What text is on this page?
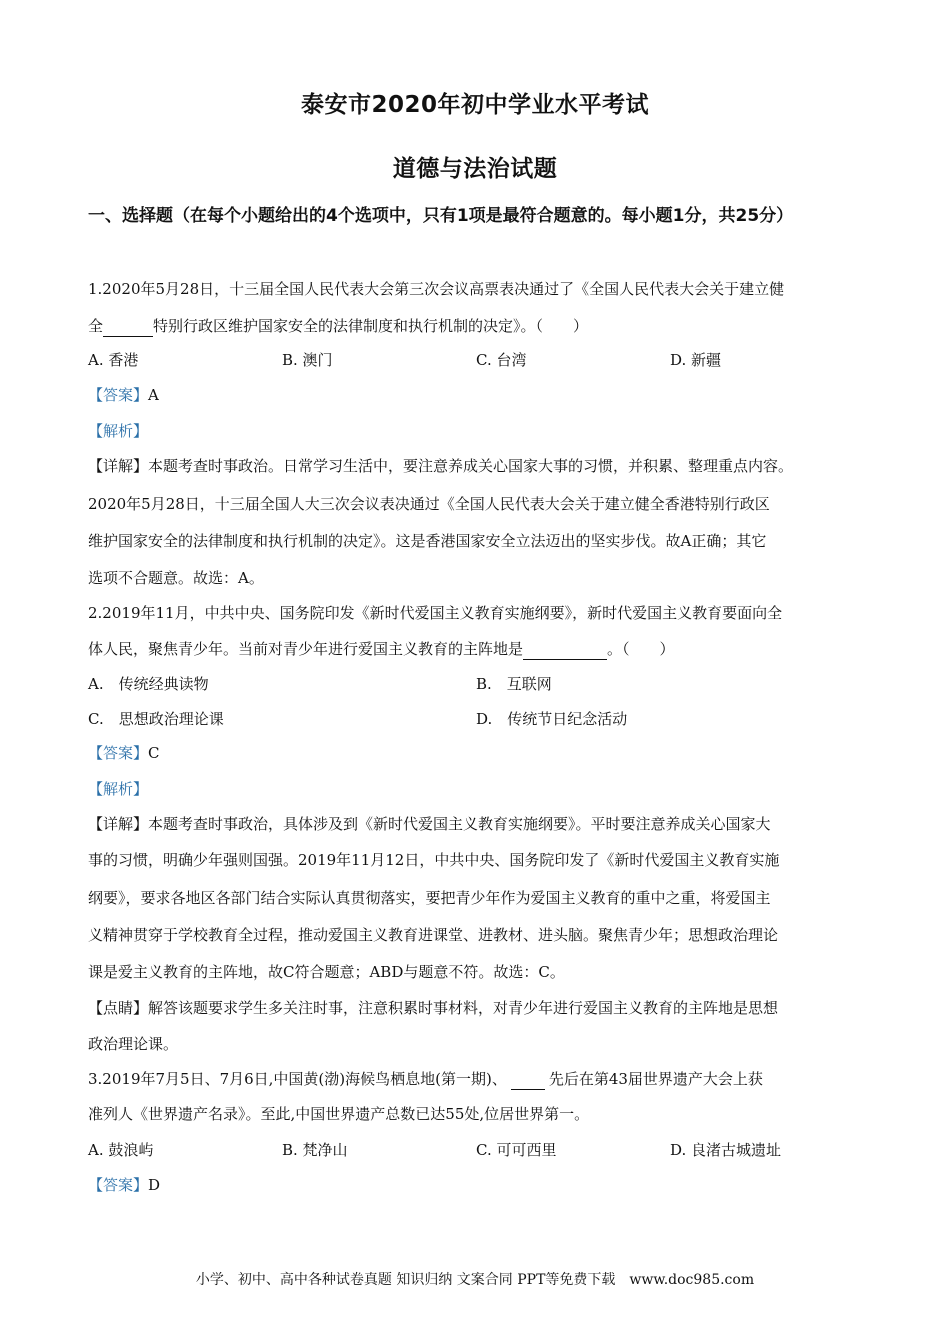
泰安市2020年初中学业水平考试
道德与法治试题
一、选择题（在每个小题给出的4个选项中，只有1项是最符合题意的。每小题1分，共25分）
1.2020年5月28日，十三届全国人民代表大会第三次会议高票表决通过了《全国人民代表大会关于建立健
全	特别行政区维护国家安全的法律制度和执行机制的决定》。（　　）
A. 香港	B. 澳门	C. 台湾	D. 新疆
【答案】A
【解析】
【详解】本题考查时事政治。日常学习生活中，要注意养成关心国家大事的习惯，并积累、整理重点内容。
2020年5月28日，十三届全国人大三次会议表决通过《全国人民代表大会关于建立健全香港特别行政区
维护国家安全的法律制度和执行机制的决定》。这是香港国家安全立法迈出的坚实步伐。故A正确；其它
选项不合题意。故选：A。
2.2019年11月，中共中央、国务院印发《新时代爱国主义教育实施纲要》，新时代爱国主义教育要面向全
体人民，聚焦青少年。当前对青少年进行爱国主义教育的主阵地是	。（　　）
A.　传统经典读物	B.　互联网
C.　思想政治理论课	D.　传统节日纪念活动
【答案】C
【解析】
【详解】本题考查时事政治，具体涉及到《新时代爱国主义教育实施纲要》。平时要注意养成关心国家大
事的习惯，明确少年强则国强。2019年11月12日，中共中央、国务院印发了《新时代爱国主义教育实施
纲要》，要求各地区各部门结合实际认真贯彻落实，要把青少年作为爱国主义教育的重中之重，将爱国主
义精神贯穿于学校教育全过程，推动爱国主义教育进课堂、进教材、进头脑。聚焦青少年；思想政治理论
课是爱主义教育的主阵地，故C符合题意；ABD与题意不符。故选：C。
【点睛】解答该题要求学生多关注时事，注意积累时事材料，对青少年进行爱国主义教育的主阵地是思想
政治理论课。
3.2019年7月5日、7月6日,中国黄(渤)海候鸟栖息地(第一期)、	先后在第43届世界遗产大会上获
准列人《世界遗产名录》。至此,中国世界遗产总数已达55处,位居世界第一。
A. 鼓浪屿	B. 梵净山	C. 可可西里	D. 良渚古城遗址
【答案】D
小学、初中、高中各种试卷真题 知识归纳 文案合同 PPT等免费下载　www.doc985.com
